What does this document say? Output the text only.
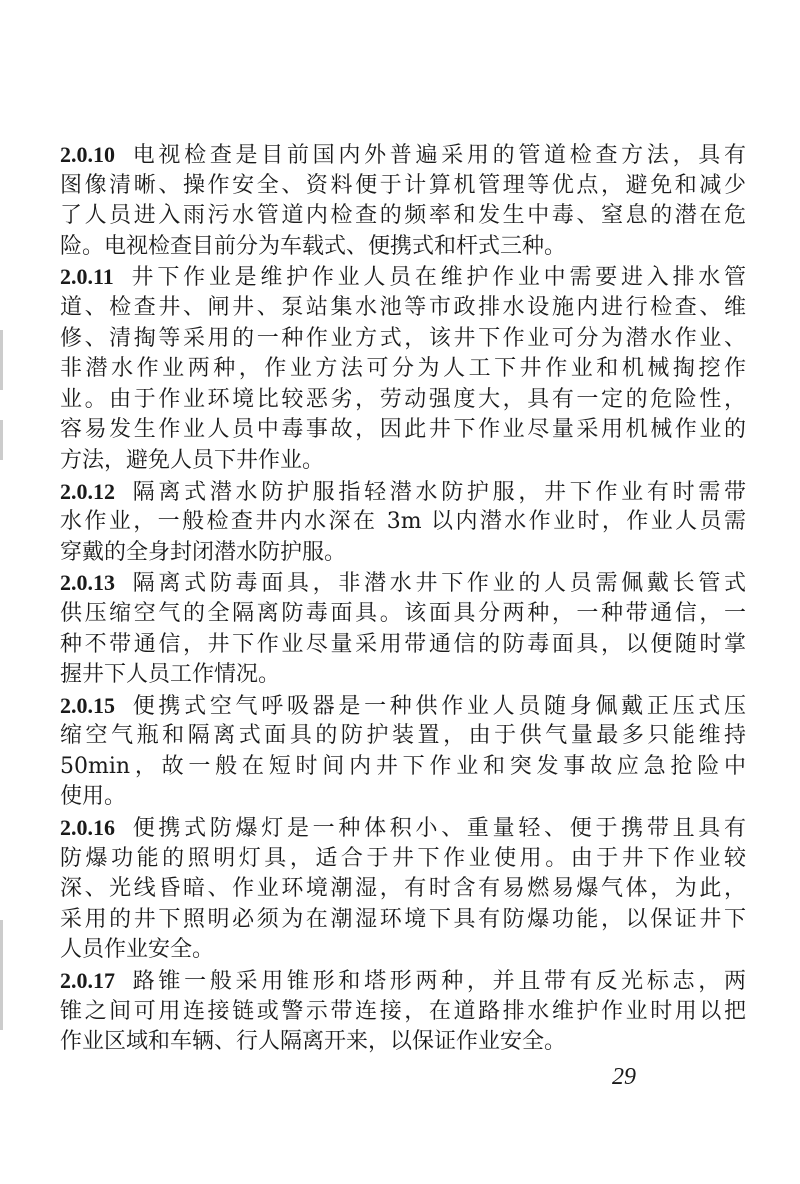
2.0.10 电视检查是目前国内外普遍采用的管道检查方法，具有
图像清晰、操作安全、资料便于计算机管理等优点，避免和减少
了人员进入雨污水管道内检查的频率和发生中毒、窒息的潜在危
险。电视检查目前分为车载式、便携式和杆式三种。
2.0.11 井下作业是维护作业人员在维护作业中需要进入排水管
道、检查井、闸井、泵站集水池等市政排水设施内进行检查、维
修、清掏等采用的一种作业方式，该井下作业可分为潜水作业、
非潜水作业两种，作业方法可分为人工下井作业和机械掏挖作
业。由于作业环境比较恶劣，劳动强度大，具有一定的危险性，
容易发生作业人员中毒事故，因此井下作业尽量采用机械作业的
方法，避免人员下井作业。
2.0.12 隔离式潜水防护服指轻潜水防护服，井下作业有时需带
水作业，一般检查井内水深在 3m 以内潜水作业时，作业人员需
穿戴的全身封闭潜水防护服。
2.0.13 隔离式防毒面具，非潜水井下作业的人员需佩戴长管式
供压缩空气的全隔离防毒面具。该面具分两种，一种带通信，一
种不带通信，井下作业尽量采用带通信的防毒面具，以便随时掌
握井下人员工作情况。
2.0.15 便携式空气呼吸器是一种供作业人员随身佩戴正压式压
缩空气瓶和隔离式面具的防护装置，由于供气量最多只能维持
50min，故一般在短时间内井下作业和突发事故应急抢险中
使用。
2.0.16 便携式防爆灯是一种体积小、重量轻、便于携带且具有
防爆功能的照明灯具，适合于井下作业使用。由于井下作业较
深、光线昏暗、作业环境潮湿，有时含有易燃易爆气体，为此，
采用的井下照明必须为在潮湿环境下具有防爆功能，以保证井下
人员作业安全。
2.0.17 路锥一般采用锥形和塔形两种，并且带有反光标志，两
锥之间可用连接链或警示带连接，在道路排水维护作业时用以把
作业区域和车辆、行人隔离开来，以保证作业安全。
29
